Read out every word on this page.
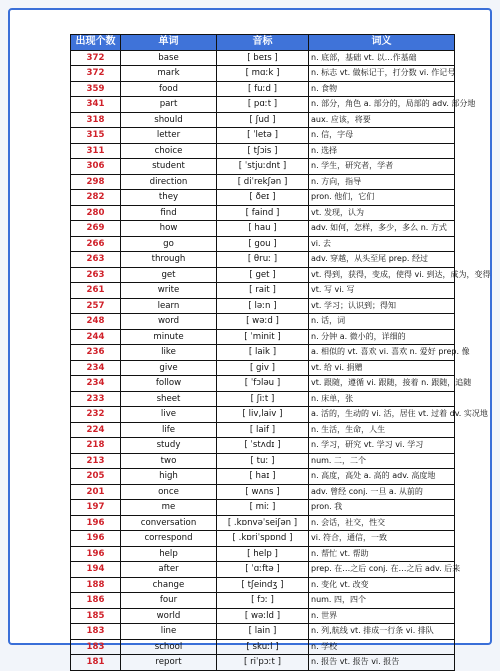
出现个数	单词	音标	词义
372	base	[ beɪs ]	n. 底部，基础 vt. 以…作基础
372	mark	[ mɑːk ]	n. 标志 vt. 做标记于，打分数 vi. 作记号
359	food	[ fuːd ]	n. 食物
341	part	[ pɑːt ]	n. 部分，角色 a. 部分的，局部的 adv. 部分地
318	should	[ ʃud ]	aux. 应该，将要
315	letter	[ ˈletə ]	n. 信，字母
311	choice	[ tʃɔis ]	n. 选择
306	student	[ ˈstjuːdnt ]	n. 学生，研究者，学者
298	direction	[ diˈrekʃən ]	n. 方向，指导
282	they	[ ðeɪ ]	pron. 他们，它们
280	find	[ faind ]	vt. 发现，认为
269	how	[ hau ]	adv. 如何，怎样，多少，多么 n. 方式
266	go	[ gou ]	vi. 去
263	through	[ θruː ]	adv. 穿越，从头至尾 prep. 经过
263	get	[ get ]	vt. 得到，获得，变成，使得 vi. 到达，成为，变得
261	write	[ rait ]	vt. 写 vi. 写
257	learn	[ ləːn ]	vt. 学习；认识到；得知
248	word	[ wəːd ]	n. 话，词
244	minute	[ ˈminit ]	n. 分钟 a. 微小的，详细的
236	like	[ laik ]	a. 相似的 vt. 喜欢 vi. 喜欢 n. 爱好 prep. 像
234	give	[ giv ]	vt. 给 vi. 捐赠
234	follow	[ ˈfɔləu ]	vt. 跟随，遵循 vi. 跟随，接着 n. 跟随，追随
233	sheet	[ ʃiːt ]	n. 床单，张
232	live	[ liv,laiv ]	a. 活的，生动的 vi. 活，居住 vt. 过着 dv. 实况地
224	life	[ laif ]	n. 生活，生命，人生
218	study	[ ˈstʌdɪ ]	n. 学习，研究 vt. 学习 vi. 学习
213	two	[ tuː ]	num. 二，二个
205	high	[ haɪ ]	n. 高度，高处 a. 高的 adv. 高度地
201	once	[ wʌns ]	adv. 曾经 conj. 一旦 a. 从前的
197	me	[ miː ]	pron. 我
196	conversation	[ .kɒnvəˈseiʃən ]	n. 会话，社交，性交
196	correspond	[ .kɒriˈspɒnd ]	vi. 符合，通信，一致
196	help	[ help ]	n. 帮忙 vt. 帮助
194	after	[ ˈɑːftə ]	prep. 在…之后 conj. 在…之后 adv. 后来
188	change	[ tʃeindʒ ]	n. 变化 vt. 改变
186	four	[ fɔː ]	num. 四，四个
185	world	[ wəːld ]	n. 世界
183	line	[ lain ]	n. 列,航线 vt. 排成一行条 vi. 排队
183	school	[ skuːl ]	n. 学校
181	report	[ riˈpɔːt ]	n. 报告 vt. 报告 vi. 报告
